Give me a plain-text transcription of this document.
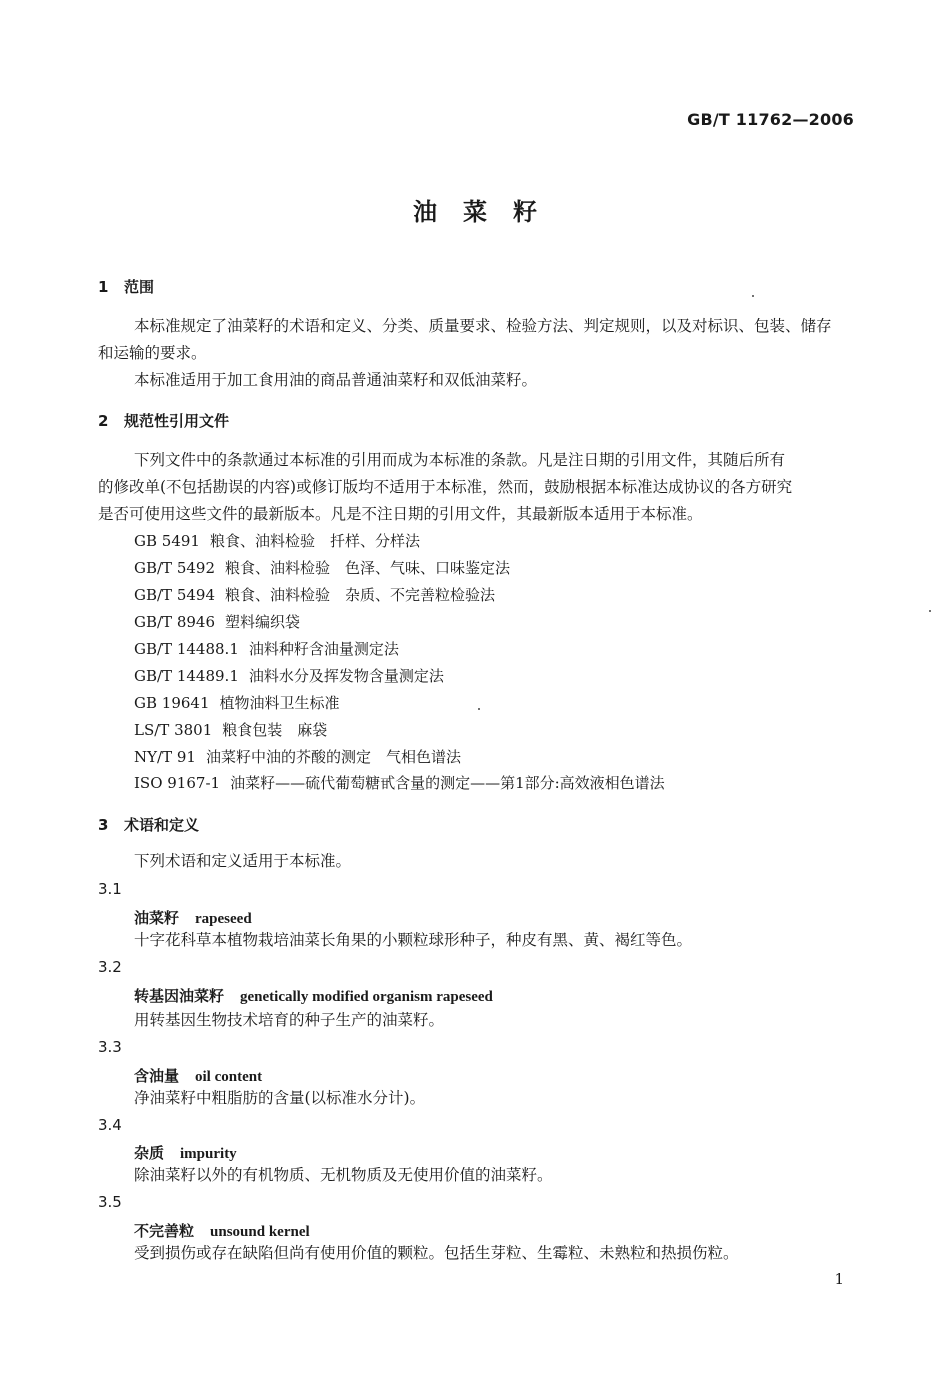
GB/T 11762—2006
油菜籽
1 范围
本标准规定了油菜籽的术语和定义、分类、质量要求、检验方法、判定规则，以及对标识、包装、储存
和运输的要求。
本标准适用于加工食用油的商品普通油菜籽和双低油菜籽。
2 规范性引用文件
下列文件中的条款通过本标准的引用而成为本标准的条款。凡是注日期的引用文件，其随后所有
的修改单(不包括勘误的内容)或修订版均不适用于本标准，然而，鼓励根据本标准达成协议的各方研究
是否可使用这些文件的最新版本。凡是不注日期的引用文件，其最新版本适用于本标准。
GB 5491 粮食、油料检验　扦样、分样法
GB/T 5492 粮食、油料检验　色泽、气味、口味鉴定法
GB/T 5494 粮食、油料检验　杂质、不完善粒检验法
GB/T 8946 塑料编织袋
GB/T 14488.1 油料种籽含油量测定法
GB/T 14489.1 油料水分及挥发物含量测定法
GB 19641 植物油料卫生标准
LS/T 3801 粮食包装　麻袋
NY/T 91 油菜籽中油的芥酸的测定　气相色谱法
ISO 9167-1 油菜籽——硫代葡萄糖甙含量的测定——第1部分:高效液相色谱法
3 术语和定义
下列术语和定义适用于本标准。
3.1
油菜籽 rapeseed
十字花科草本植物栽培油菜长角果的小颗粒球形种子，种皮有黑、黄、褐红等色。
3.2
转基因油菜籽 genetically modified organism rapeseed
用转基因生物技术培育的种子生产的油菜籽。
3.3
含油量 oil content
净油菜籽中粗脂肪的含量(以标准水分计)。
3.4
杂质 impurity
除油菜籽以外的有机物质、无机物质及无使用价值的油菜籽。
3.5
不完善粒 unsound kernel
受到损伤或存在缺陷但尚有使用价值的颗粒。包括生芽粒、生霉粒、未熟粒和热损伤粒。
1
